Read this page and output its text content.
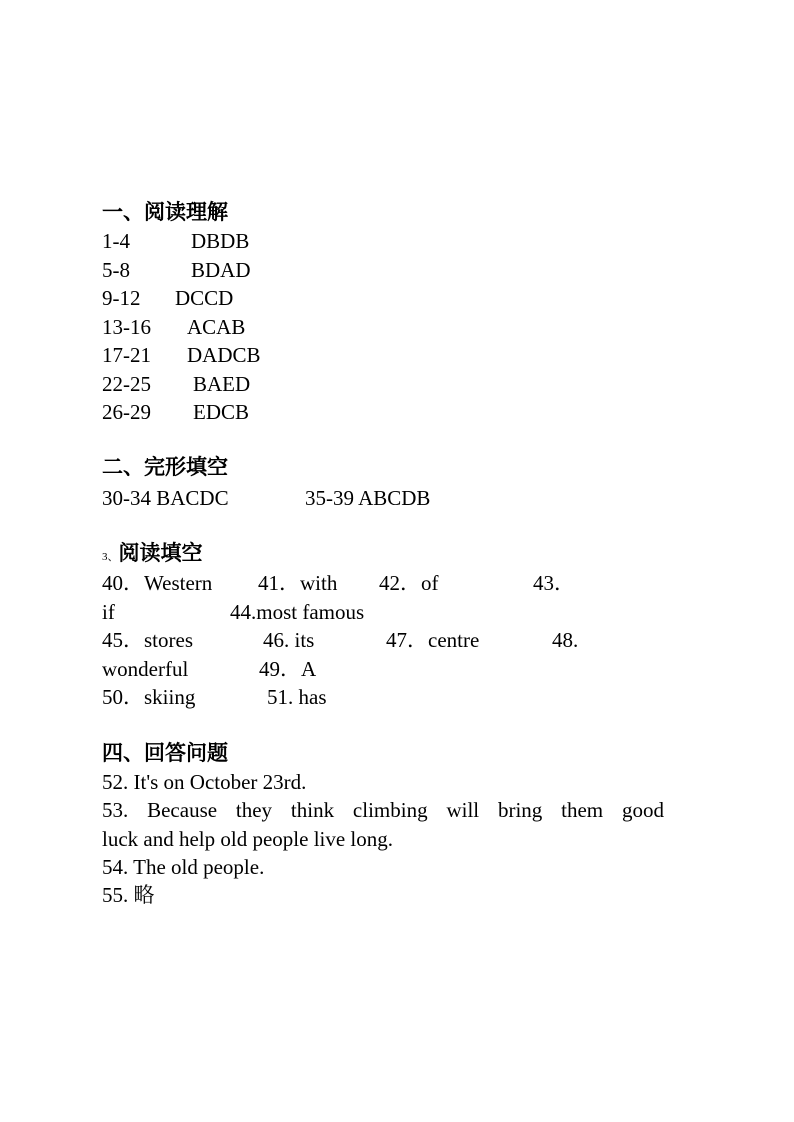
一、阅读理解
1-4	DBDB
5-8	BDAD
9-12 DCCD
13-16 ACAB
17-21 DADCB
22-25 BAED
26-29 EDCB
二、完形填空
30-34 BACDC	35-39 ABCDB
3、阅读填空
40．Western 41．with 42．of	43．
if	44.most famous
45．stores	46. its	47．centre	48.
wonderful	49．A
50．skiing	51. has
四、回答问题
52. It's on October 23rd.
53. Because they think climbing will bring them good
luck and help old people live long.
54. The old people.
55. 略
